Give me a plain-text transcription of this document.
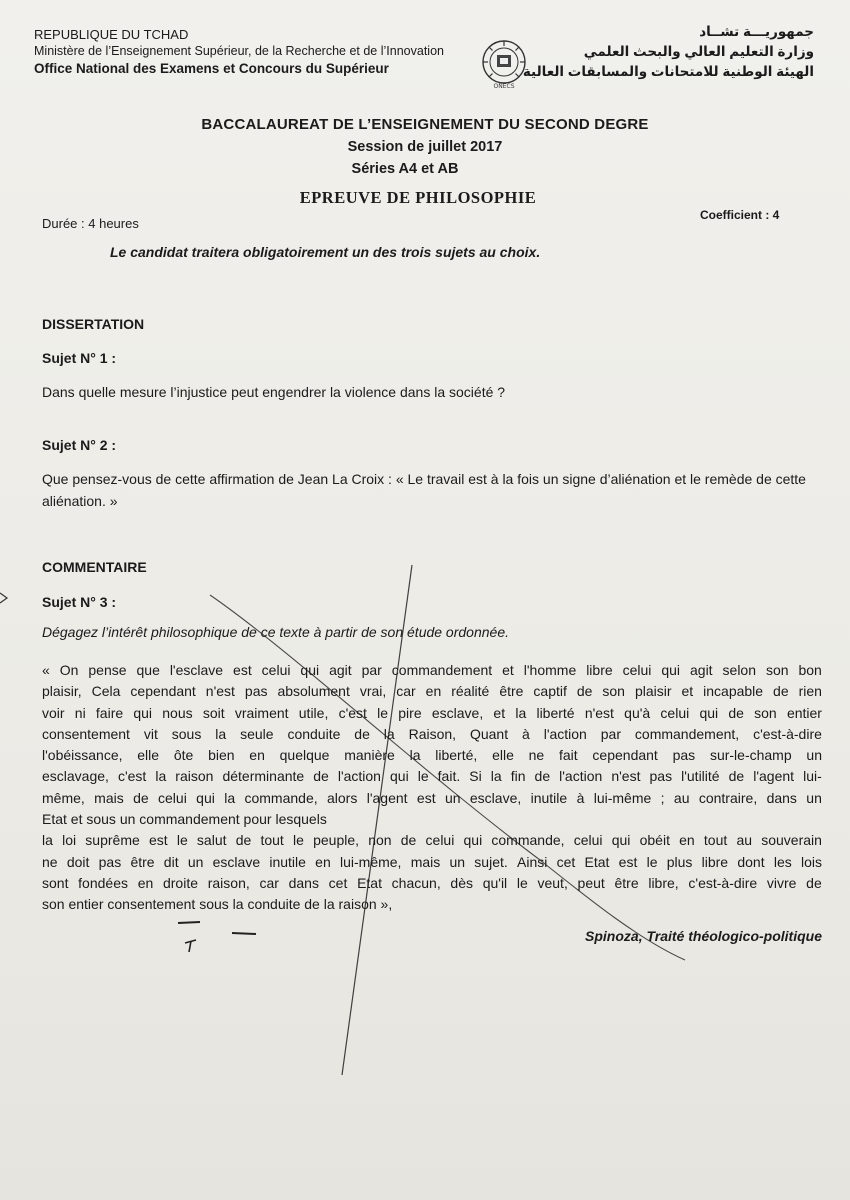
REPUBLIQUE DU TCHAD
Ministère de l’Enseignement Supérieur, de la Recherche et de l’Innovation
Office National des Examens et Concours du Supérieur
ONECS
جمهوريـــة تشــاد
وزارة التعليم العالي والبحث العلمي
الهيئة الوطنية للامتحانات والمسابقات العالية
BACCALAUREAT DE L’ENSEIGNEMENT DU SECOND DEGRE
Session de juillet 2017
Séries A4 et AB
EPREUVE DE PHILOSOPHIE
Durée : 4 heures
Coefficient : 4
Le candidat traitera obligatoirement un des trois sujets au choix.
DISSERTATION
Sujet N° 1 :
Dans quelle mesure l’injustice peut engendrer la violence dans la société ?
Sujet N° 2 :
Que pensez-vous de cette affirmation de Jean La Croix : « Le travail est à la fois un signe d’aliénation et le remède de cette aliénation. »
COMMENTAIRE
Sujet N° 3 :
Dégagez l’intérêt philosophique de ce texte à partir de son étude ordonnée.
« On pense que l'esclave est celui qui agit par commandement et l'homme libre celui qui agit selon son bon
plaisir, Cela cependant n'est pas absolument vrai, car en réalité être captif de son plaisir et incapable de rien
voir ni faire qui nous soit vraiment utile, c'est le pire esclave, et la liberté n'est qu'à celui qui de son entier
consentement vit sous la seule conduite de la Raison, Quant à l'action par commandement, c'est-à-dire
l'obéissance, elle ôte bien en quelque manière la liberté, elle ne fait cependant pas sur-le-champ un
esclavage, c'est la raison déterminante de l'action qui le fait. Si la fin de l'action n'est pas l'utilité de l'agent lui-
même, mais de celui qui la commande, alors l'agent est un esclave, inutile à lui-même ; au contraire, dans un
Etat et sous un commandement pour lesquels
la loi suprême est le salut de tout le peuple, non de celui qui commande, celui qui obéit en tout au souverain
ne doit pas être dit un esclave inutile en lui-même, mais un sujet. Ainsi cet Etat est le plus libre dont les lois
sont fondées en droite raison, car dans cet Etat chacun, dès qu'il le veut, peut être libre, c'est-à-dire vivre de
son entier consentement sous la conduite de la raison »,
Spinoza, Traité théologico-politique
